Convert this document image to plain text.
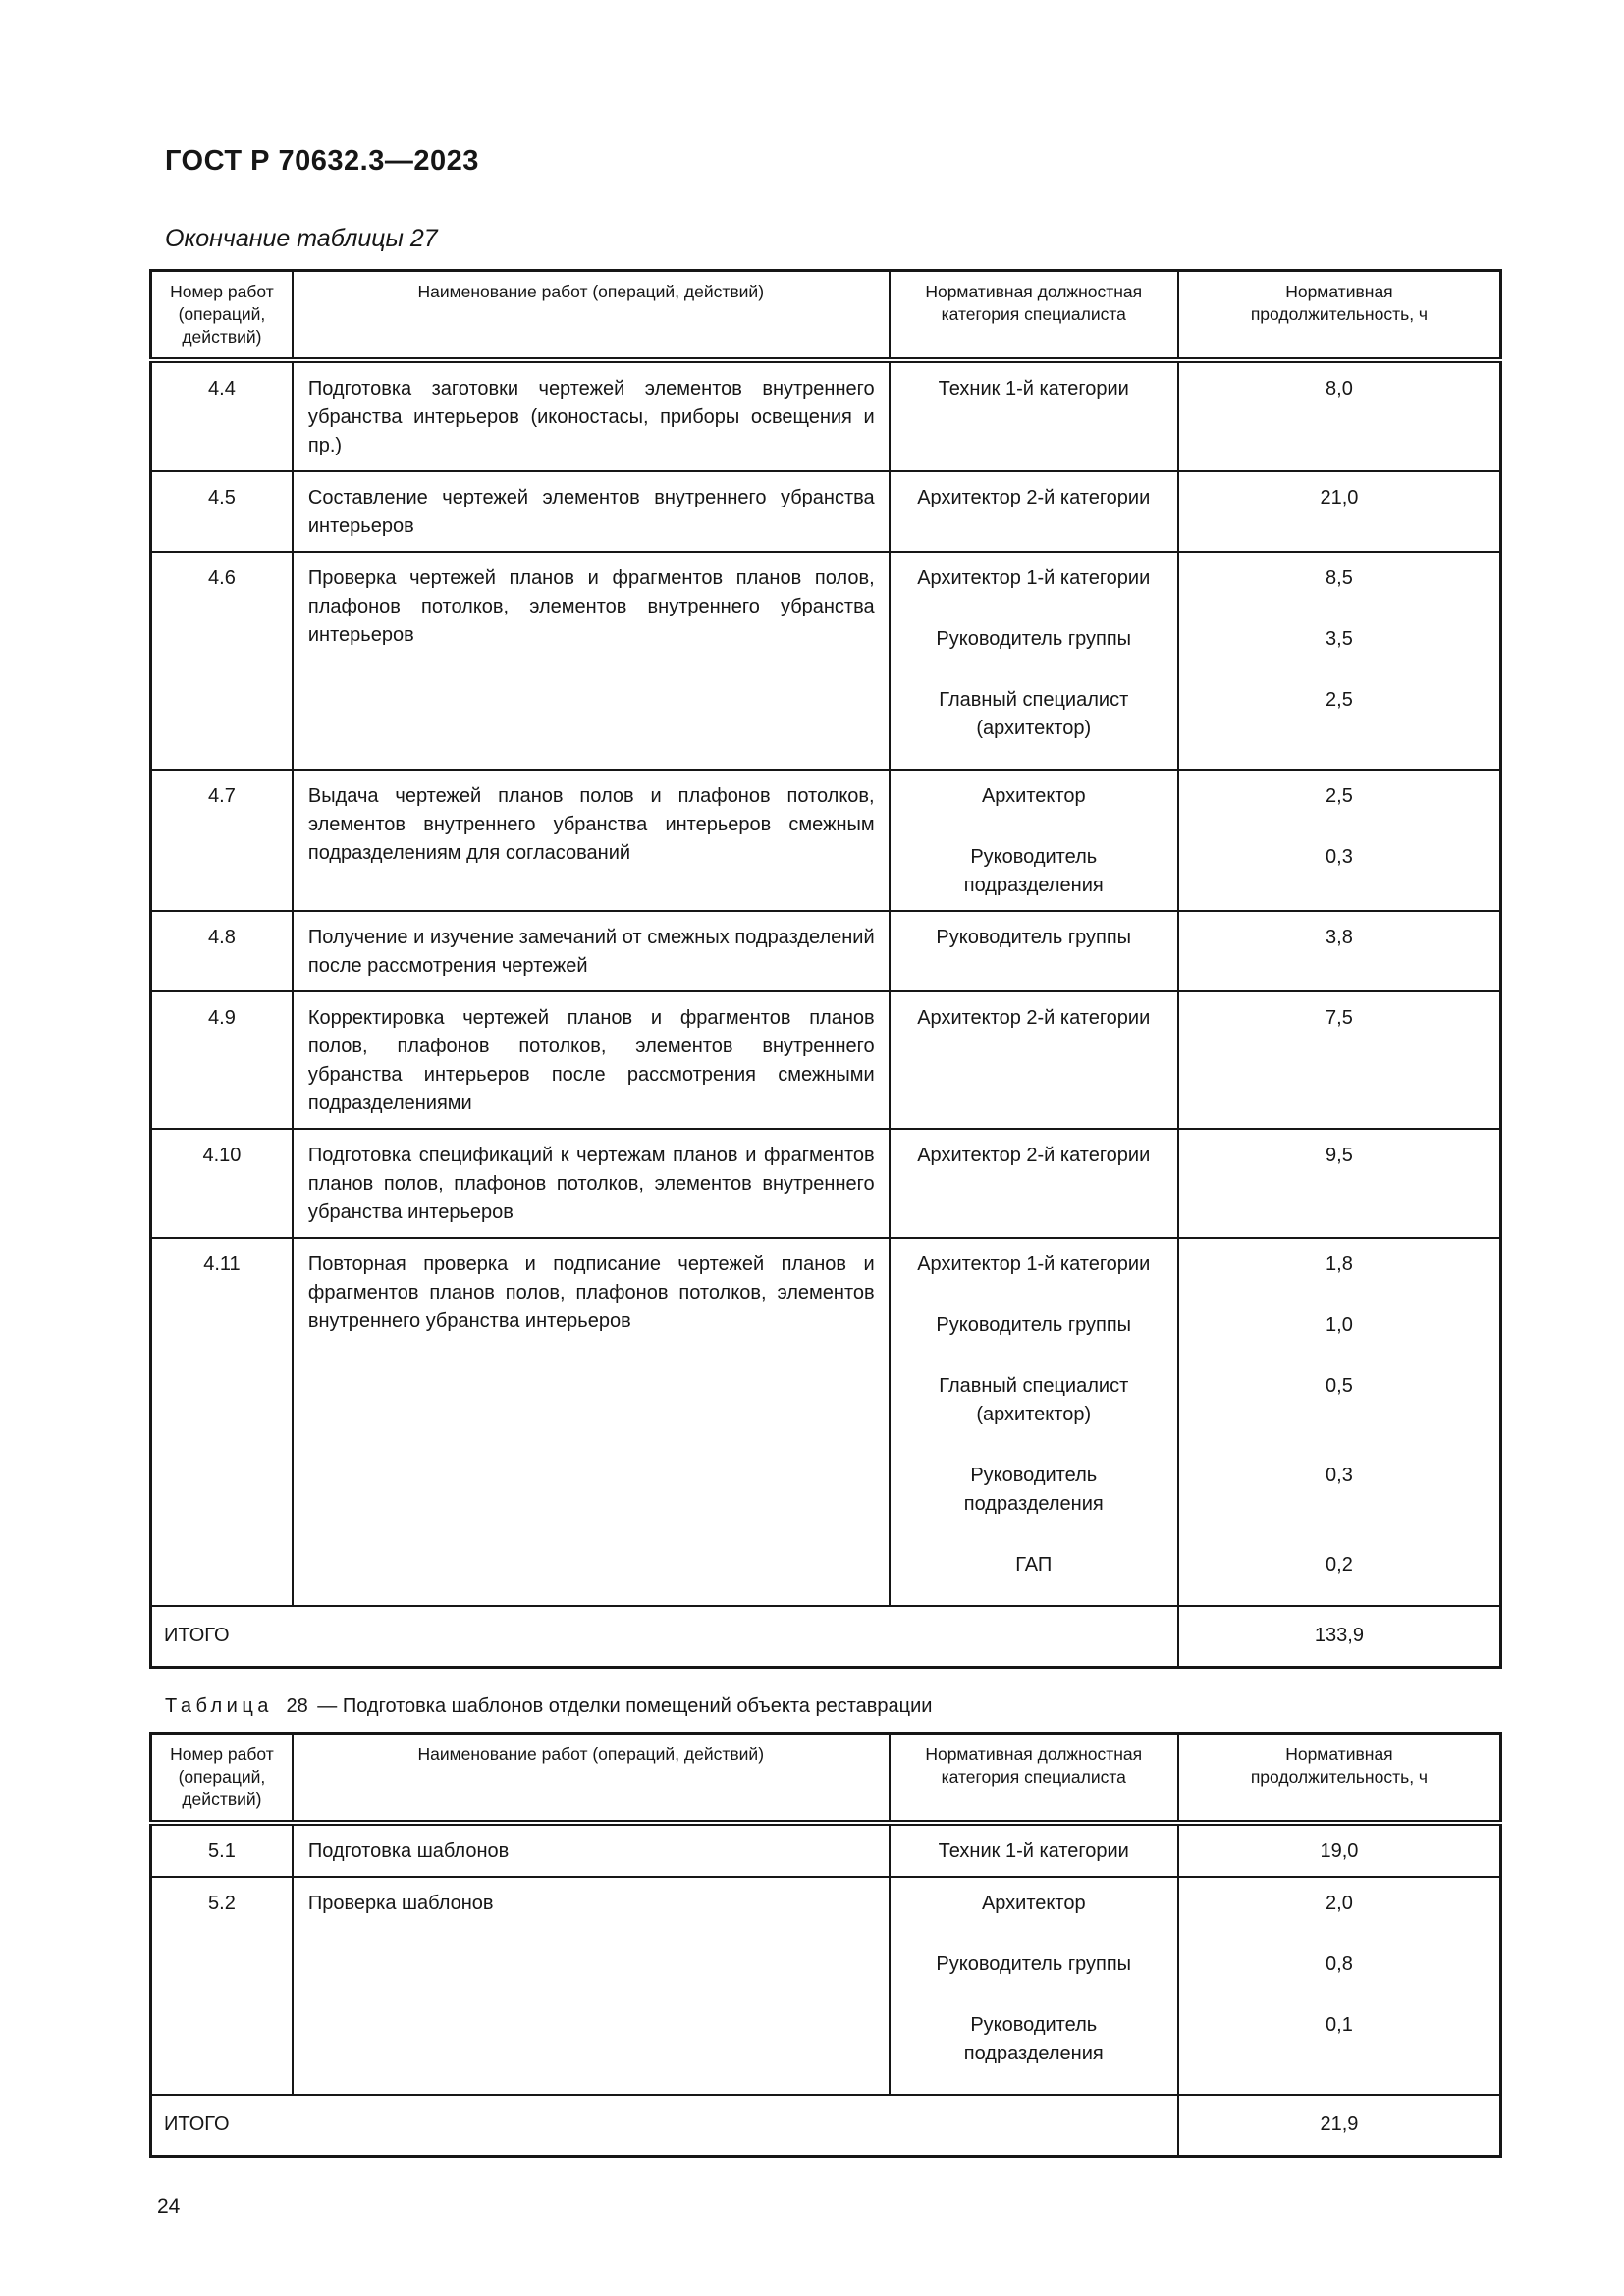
ГОСТ Р 70632.3—2023
Окончание таблицы 27
Номер работ (операций, действий)	Наименование работ (операций, действий)	Нормативная должностная категория специалиста	Нормативная продолжительность, ч
4.4	Подготовка заготовки чертежей элементов внутреннего убранства интерьеров (иконостасы, приборы освещения и пр.)	Техник 1-й категории	8,0
4.5	Составление чертежей элементов внутреннего убранства интерьеров	Архитектор 2-й категории	21,0
4.6	Проверка чертежей планов и фрагментов планов полов, плафонов потолков, элементов внутреннего убранства интерьеров	Архитектор 1-й категории	8,5
		Руководитель группы	3,5
		Главный специалист (архитектор)	2,5
4.7	Выдача чертежей планов полов и плафонов потолков, элементов внутреннего убранства интерьеров смежным подразделениям для согласований	Архитектор	2,5
		Руководитель подразделения	0,3
4.8	Получение и изучение замечаний от смежных подразделений после рассмотрения чертежей	Руководитель группы	3,8
4.9	Корректировка чертежей планов и фрагментов планов полов, плафонов потолков, элементов внутреннего убранства интерьеров после рассмотрения смежными подразделениями	Архитектор 2-й категории	7,5
4.10	Подготовка спецификаций к чертежам планов и фрагментов планов полов, плафонов потолков, элементов внутреннего убранства интерьеров	Архитектор 2-й категории	9,5
4.11	Повторная проверка и подписание чертежей планов и фрагментов планов полов, плафонов потолков, элементов внутреннего убранства интерьеров	Архитектор 1-й категории	1,8
		Руководитель группы	1,0
		Главный специалист (архитектор)	0,5
		Руководитель подразделения	0,3
		ГАП	0,2
ИТОГО			133,9
Таблица 28 — Подготовка шаблонов отделки помещений объекта реставрации
Номер работ (операций, действий)	Наименование работ (операций, действий)	Нормативная должностная категория специалиста	Нормативная продолжительность, ч
5.1	Подготовка шаблонов	Техник 1-й категории	19,0
5.2	Проверка шаблонов	Архитектор	2,0
		Руководитель группы	0,8
		Руководитель подразделения	0,1
ИТОГО			21,9
24
